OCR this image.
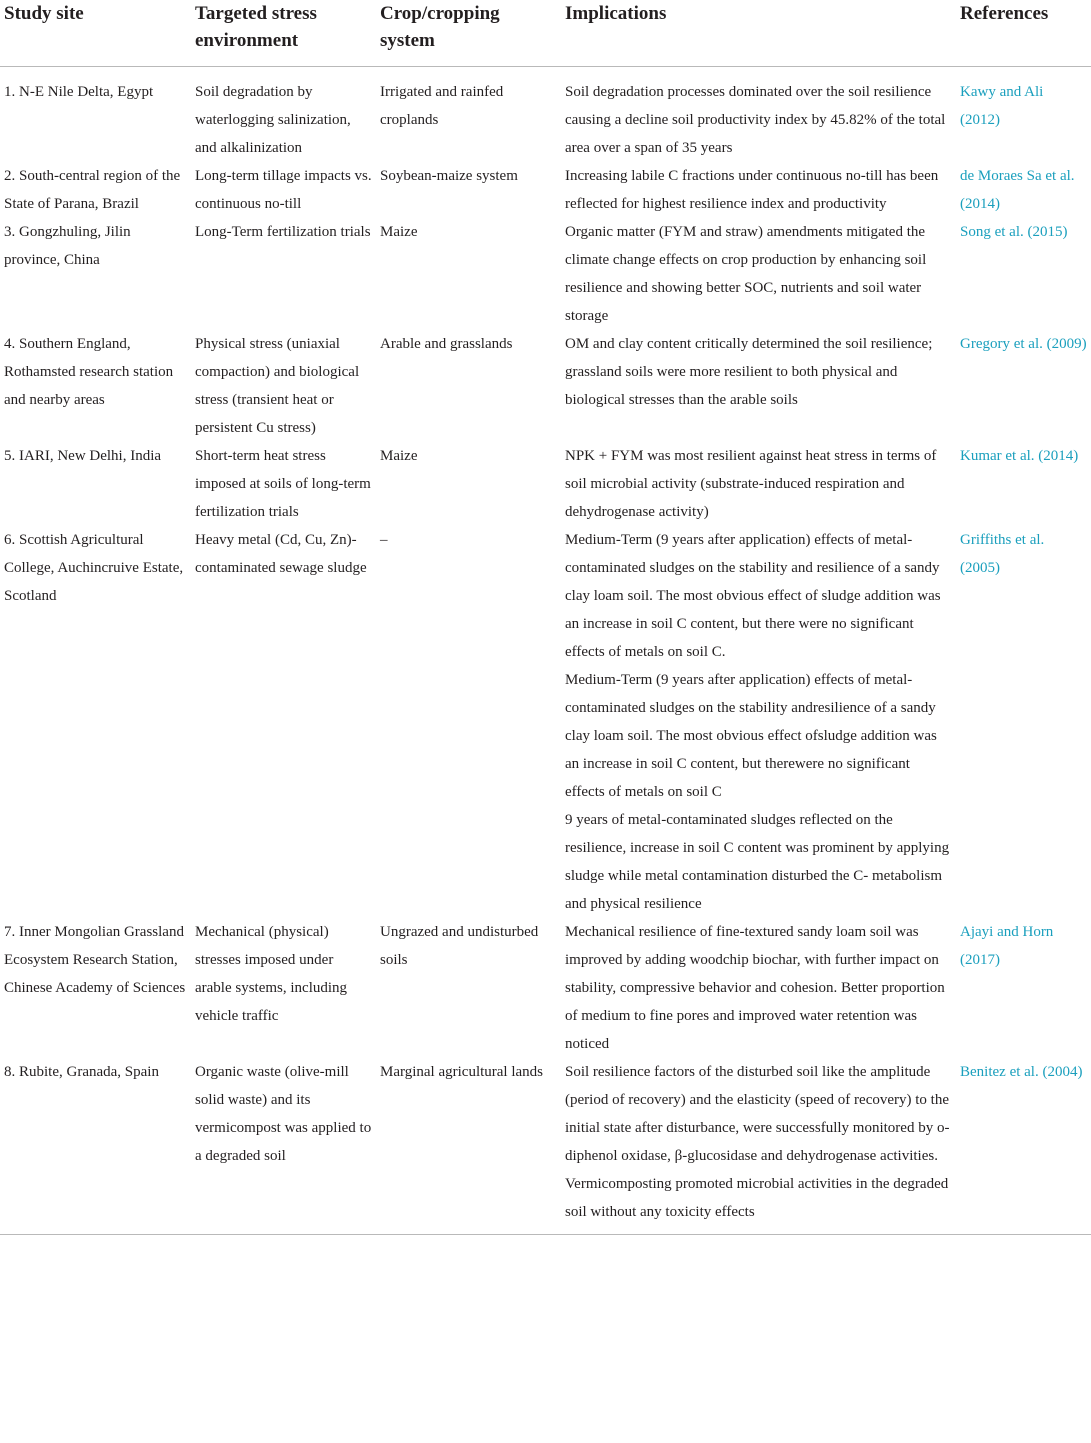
Study site	Targeted stress environment	Crop/cropping system	Implications	References
1. N-E Nile Delta, Egypt	Soil degradation by waterlogging salinization, and alkalinization	Irrigated and rainfed croplands	Soil degradation processes dominated over the soil resilience causing a decline soil productivity index by 45.82% of the total area over a span of 35 years	Kawy and Ali (2012)
2. South-central region of the State of Parana, Brazil	Long-term tillage impacts vs. continuous no-till	Soybean-maize system	Increasing labile C fractions under continuous no-till has been reflected for highest resilience index and productivity	de Moraes Sa et al. (2014)
3. Gongzhuling, Jilin province, China	Long-Term fertilization trials	Maize	Organic matter (FYM and straw) amendments mitigated the climate change effects on crop production by enhancing soil resilience and showing better SOC, nutrients and soil water storage	Song et al. (2015)
4. Southern England, Rothamsted research station and nearby areas	Physical stress (uniaxial compaction) and biological stress (transient heat or persistent Cu stress)	Arable and grasslands	OM and clay content critically determined the soil resilience; grassland soils were more resilient to both physical and biological stresses than the arable soils	Gregory et al. (2009)
5. IARI, New Delhi, India	Short-term heat stress imposed at soils of long-term fertilization trials	Maize	NPK + FYM was most resilient against heat stress in terms of soil microbial activity (substrate-induced respiration and dehydrogenase activity)	Kumar et al. (2014)
6. Scottish Agricultural College, Auchincruive Estate, Scotland	Heavy metal (Cd, Cu, Zn)-contaminated sewage sludge	–	Medium-Term (9 years after application) effects of metal-contaminated sludges on the stability and resilience of a sandy clay loam soil. The most obvious effect of sludge addition was an increase in soil C content, but there were no significant effects of metals on soil C.
Medium-Term (9 years after application) effects of metal-contaminated sludges on the stability andresilience of a sandy clay loam soil. The most obvious effect ofsludge addition was an increase in soil C content, but therewere no significant effects of metals on soil C
9 years of metal-contaminated sludges reflected on the resilience, increase in soil C content was prominent by applying sludge while metal contamination disturbed the C- metabolism and physical resilience	Griffiths et al. (2005)
7. Inner Mongolian Grassland Ecosystem Research Station, Chinese Academy of Sciences	Mechanical (physical) stresses imposed under arable systems, including vehicle traffic	Ungrazed and undisturbed soils	Mechanical resilience of fine-textured sandy loam soil was improved by adding woodchip biochar, with further impact on stability, compressive behavior and cohesion. Better proportion of medium to fine pores and improved water retention was noticed	Ajayi and Horn (2017)
8. Rubite, Granada, Spain	Organic waste (olive-mill solid waste) and its vermicompost was applied to a degraded soil	Marginal agricultural lands	Soil resilience factors of the disturbed soil like the amplitude (period of recovery) and the elasticity (speed of recovery) to the initial state after disturbance, were successfully monitored by o-diphenol oxidase, β-glucosidase and dehydrogenase activities. Vermicomposting promoted microbial activities in the degraded soil without any toxicity effects	Benitez et al. (2004)
